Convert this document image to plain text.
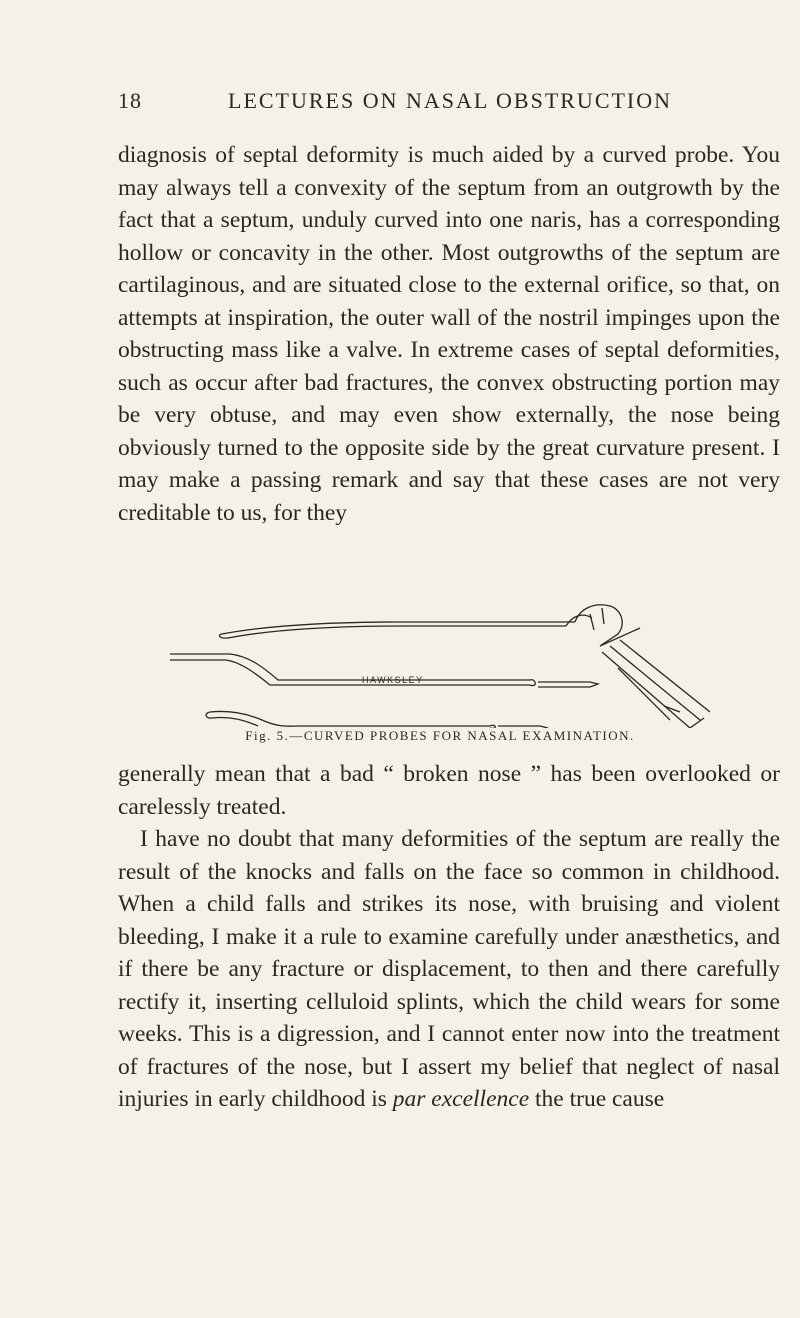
18	LECTURES ON NASAL OBSTRUCTION

diagnosis of septal deformity is much aided by a curved probe. You may always tell a convexity of the septum from an outgrowth by the fact that a septum, unduly curved into one naris, has a corresponding hollow or concavity in the other. Most outgrowths of the septum are cartilaginous, and are situated close to the external orifice, so that, on attempts at inspiration, the outer wall of the nostril impinges upon the obstructing mass like a valve. In extreme cases of septal deformities, such as occur after bad fractures, the convex obstructing portion may be very obtuse, and may even show externally, the nose being obviously turned to the opposite side by the great curvature present. I may make a passing remark and say that these cases are not very creditable to us, for they

HAWKSLEY
Fig. 5.—CURVED PROBES FOR NASAL EXAMINATION.

generally mean that a bad “ broken nose ” has been overlooked or carelessly treated.

I have no doubt that many deformities of the septum are really the result of the knocks and falls on the face so common in childhood. When a child falls and strikes its nose, with bruising and violent bleeding, I make it a rule to examine carefully under anæsthetics, and if there be any fracture or displacement, to then and there carefully rectify it, inserting celluloid splints, which the child wears for some weeks. This is a digression, and I cannot enter now into the treatment of fractures of the nose, but I assert my belief that neglect of nasal injuries in early childhood is par excellence the true cause
